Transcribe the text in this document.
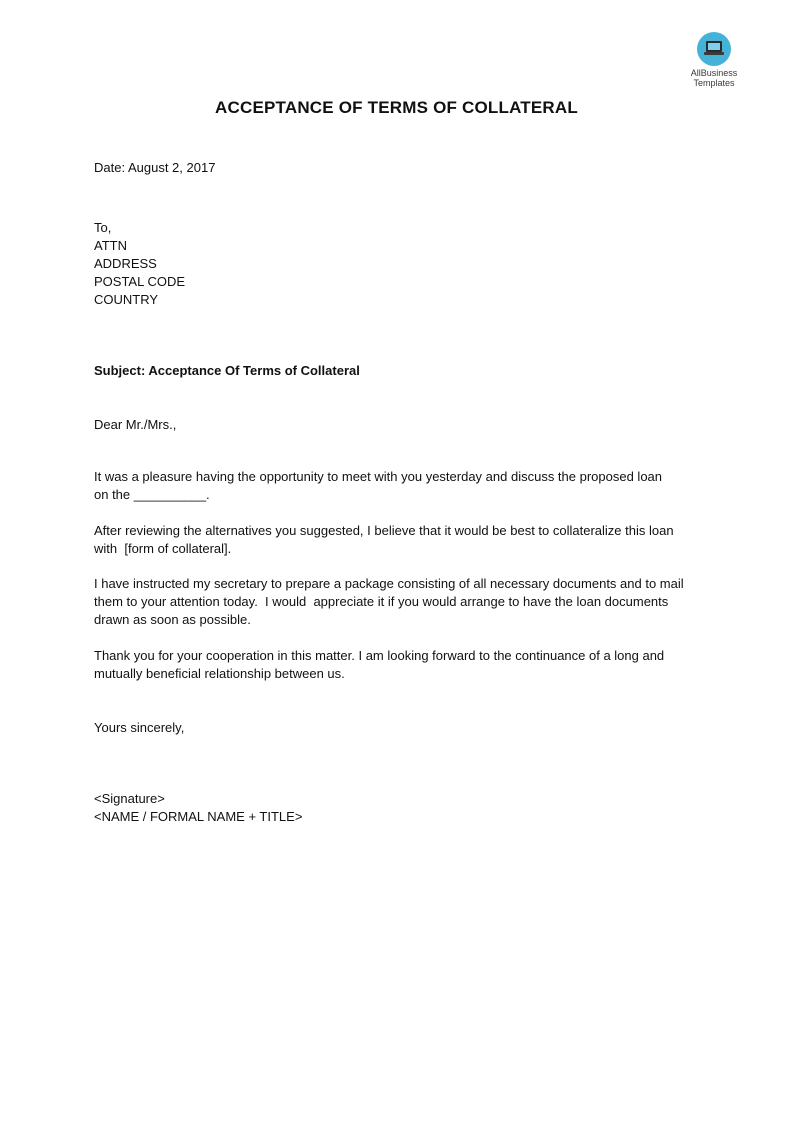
AllBusiness
Templates
ACCEPTANCE OF TERMS OF COLLATERAL
Date: August 2, 2017
To,
ATTN
ADDRESS
POSTAL CODE
COUNTRY
Subject: Acceptance Of Terms of Collateral
Dear Mr./Mrs.,
It was a pleasure having the opportunity to meet with you yesterday and discuss the proposed loan
on the __________.
After reviewing the alternatives you suggested, I believe that it would be best to collateralize this loan
with  [form of collateral].
I have instructed my secretary to prepare a package consisting of all necessary documents and to mail
them to your attention today.  I would  appreciate it if you would arrange to have the loan documents
drawn as soon as possible.
Thank you for your cooperation in this matter. I am looking forward to the continuance of a long and
mutually beneficial relationship between us.
Yours sincerely,
<Signature>
<NAME / FORMAL NAME + TITLE>
